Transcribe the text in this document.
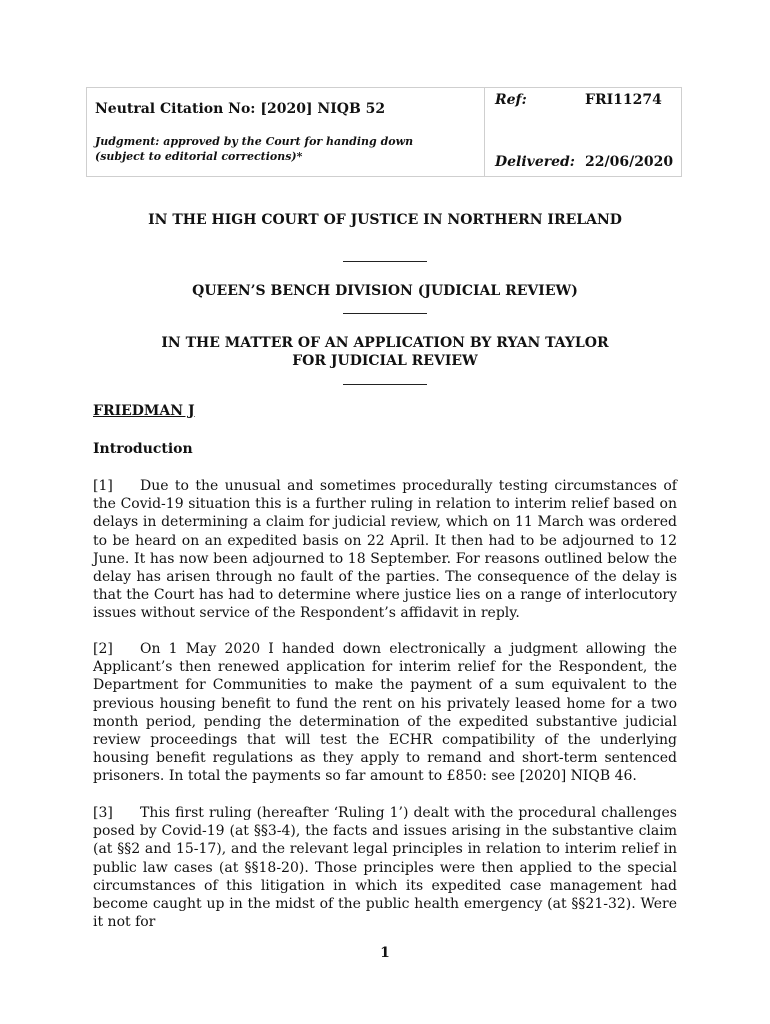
Neutral Citation No: [2020] NIQB 52
Judgment: approved by the Court for handing down
(subject to editorial corrections)*
Ref:	FRI11274
Delivered: 22/06/2020
IN THE HIGH COURT OF JUSTICE IN NORTHERN IRELAND
QUEEN’S BENCH DIVISION (JUDICIAL REVIEW)
IN THE MATTER OF AN APPLICATION BY RYAN TAYLOR
FOR JUDICIAL REVIEW
FRIEDMAN J
Introduction

[1] Due to the unusual and sometimes procedurally testing circumstances of the Covid-19 situation this is a further ruling in relation to interim relief based on delays in determining a claim for judicial review, which on 11 March was ordered to be heard on an expedited basis on 22 April. It then had to be adjourned to 12 June. It has now been adjourned to 18 September. For reasons outlined below the delay has arisen through no fault of the parties. The consequence of the delay is that the Court has had to determine where justice lies on a range of interlocutory issues without service of the Respondent’s affidavit in reply.

[2] On 1 May 2020 I handed down electronically a judgment allowing the Applicant’s then renewed application for interim relief for the Respondent, the Department for Communities to make the payment of a sum equivalent to the previous housing benefit to fund the rent on his privately leased home for a two month period, pending the determination of the expedited substantive judicial review proceedings that will test the ECHR compatibility of the underlying housing benefit regulations as they apply to remand and short-term sentenced prisoners. In total the payments so far amount to £850: see [2020] NIQB 46.

[3] This first ruling (hereafter ‘Ruling 1’) dealt with the procedural challenges posed by Covid-19 (at §§3-4), the facts and issues arising in the substantive claim (at §§2 and 15-17), and the relevant legal principles in relation to interim relief in public law cases (at §§18-20). Those principles were then applied to the special circumstances of this litigation in which its expedited case management had become caught up in the midst of the public health emergency (at §§21-32). Were it not for

1
